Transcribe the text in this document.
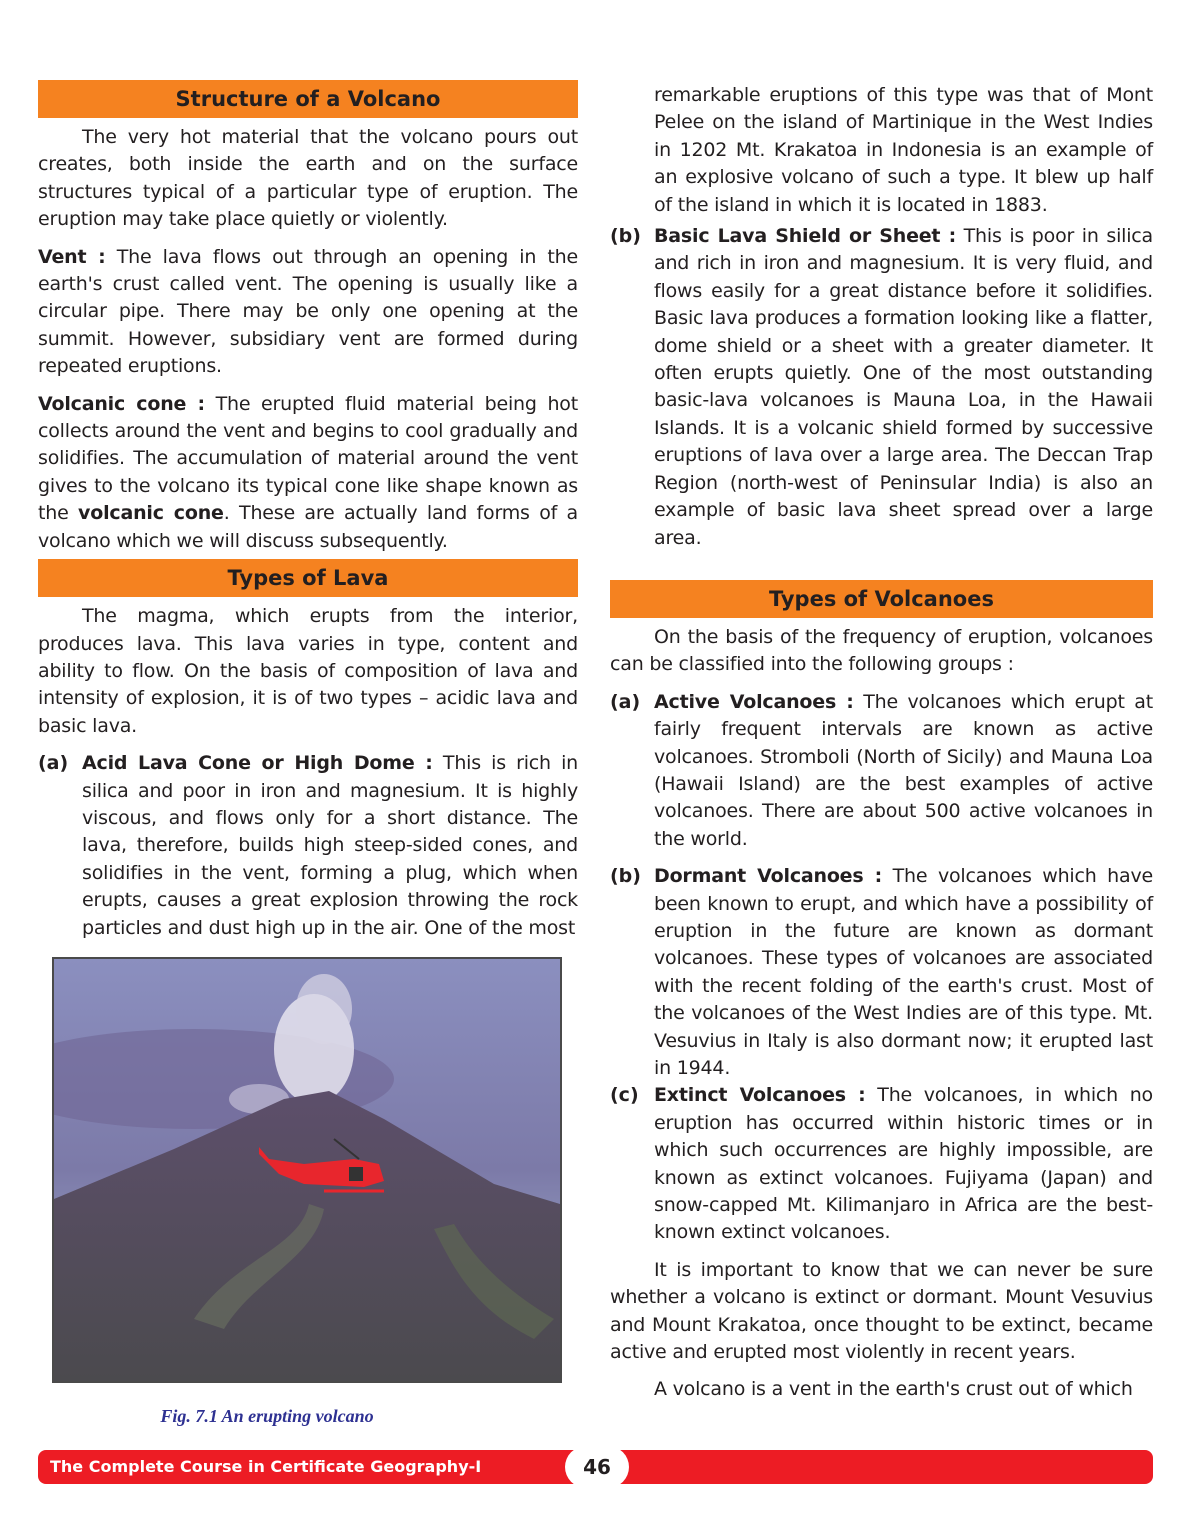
Structure of a Volcano

The very hot material that the volcano pours out creates, both inside the earth and on the surface structures typical of a particular type of eruption. The eruption may take place quietly or violently.

Vent : The lava flows out through an opening in the earth's crust called vent. The opening is usually like a circular pipe. There may be only one opening at the summit. However, subsidiary vent are formed during repeated eruptions.

Volcanic cone : The erupted fluid material being hot collects around the vent and begins to cool gradually and solidifies. The accumulation of material around the vent gives to the volcano its typical cone like shape known as the volcanic cone. These are actually land forms of a volcano which we will discuss subsequently.

Types of Lava

The magma, which erupts from the interior, produces lava. This lava varies in type, content and ability to flow. On the basis of composition of lava and intensity of explosion, it is of two types – acidic lava and basic lava.

(a) Acid Lava Cone or High Dome : This is rich in silica and poor in iron and magnesium. It is highly viscous, and flows only for a short distance. The lava, therefore, builds high steep-sided cones, and solidifies in the vent, forming a plug, which when erupts, causes a great explosion throwing the rock particles and dust high up in the air. One of the most
Fig. 7.1 An erupting volcano

remarkable eruptions of this type was that of Mont Pelee on the island of Martinique in the West Indies in 1202 Mt. Krakatoa in Indonesia is an example of an explosive volcano of such a type. It blew up half of the island in which it is located in 1883.

(b) Basic Lava Shield or Sheet : This is poor in silica and rich in iron and magnesium. It is very fluid, and flows easily for a great distance before it solidifies. Basic lava produces a formation looking like a flatter, dome shield or a sheet with a greater diameter. It often erupts quietly. One of the most outstanding basic-lava volcanoes is Mauna Loa, in the Hawaii Islands. It is a volcanic shield formed by successive eruptions of lava over a large area. The Deccan Trap Region (north-west of Peninsular India) is also an example of basic lava sheet spread over a large area.
Types of Volcanoes

On the basis of the frequency of eruption, volcanoes can be classified into the following groups :

(a) Active Volcanoes : The volcanoes which erupt at fairly frequent intervals are known as active volcanoes. Stromboli (North of Sicily) and Mauna Loa (Hawaii Island) are the best examples of active volcanoes. There are about 500 active volcanoes in the world.
(b) Dormant Volcanoes : The volcanoes which have been known to erupt, and which have a possibility of eruption in the future are known as dormant volcanoes. These types of volcanoes are associated with the recent folding of the earth's crust. Most of the volcanoes of the West Indies are of this type. Mt. Vesuvius in Italy is also dormant now; it erupted last in 1944.
(c) Extinct Volcanoes : The volcanoes, in which no eruption has occurred within historic times or in which such occurrences are highly impossible, are known as extinct volcanoes. Fujiyama (Japan) and snow-capped Mt. Kilimanjaro in Africa are the best-known extinct volcanoes.

It is important to know that we can never be sure whether a volcano is extinct or dormant. Mount Vesuvius and Mount Krakatoa, once thought to be extinct, became active and erupted most violently in recent years.

A volcano is a vent in the earth's crust out of which

The Complete Course in Certificate Geography-I	46
